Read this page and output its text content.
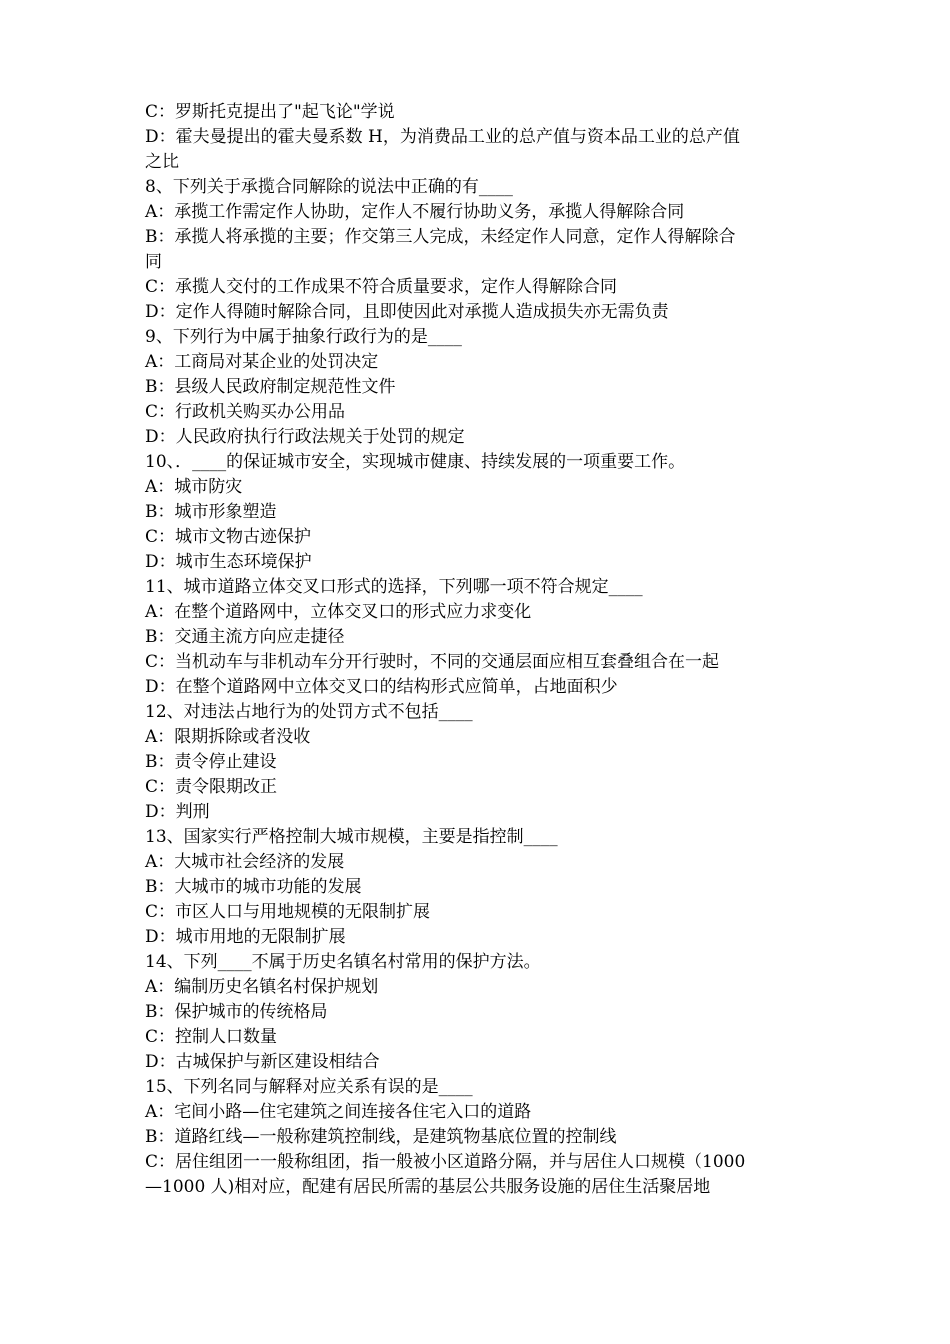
C：罗斯托克提出了"起飞论"学说
D：霍夫曼提出的霍夫曼系数 H，为消费品工业的总产值与资本品工业的总产值
之比
8、下列关于承揽合同解除的说法中正确的有____
A：承揽工作需定作人协助，定作人不履行协助义务，承揽人得解除合同
B：承揽人将承揽的主要；作交第三人完成，未经定作人同意，定作人得解除合
同
C：承揽人交付的工作成果不符合质量要求，定作人得解除合同
D：定作人得随时解除合同，且即使因此对承揽人造成损失亦无需负责
9、下列行为中属于抽象行政行为的是____
A：工商局对某企业的处罚决定
B：县级人民政府制定规范性文件
C：行政机关购买办公用品
D：人民政府执行行政法规关于处罚的规定
10、．____的保证城市安全，实现城市健康、持续发展的一项重要工作。
A：城市防灾
B：城市形象塑造
C：城市文物古迹保护
D：城市生态环境保护
11、城市道路立体交叉口形式的选择，下列哪一项不符合规定____
A：在整个道路网中，立体交叉口的形式应力求变化
B：交通主流方向应走捷径
C：当机动车与非机动车分开行驶时，不同的交通层面应相互套叠组合在一起
D：在整个道路网中立体交叉口的结构形式应简单，占地面积少
12、对违法占地行为的处罚方式不包括____
A：限期拆除或者没收
B：责令停止建设
C：责令限期改正
D：判刑
13、国家实行严格控制大城市规模，主要是指控制____
A：大城市社会经济的发展
B：大城市的城市功能的发展
C：市区人口与用地规模的无限制扩展
D：城市用地的无限制扩展
14、下列____不属于历史名镇名村常用的保护方法。
A：编制历史名镇名村保护规划
B：保护城市的传统格局
C：控制人口数量
D：古城保护与新区建设相结合
15、下列名同与解释对应关系有误的是____
A：宅间小路—住宅建筑之间连接各住宅入口的道路
B：道路红线—一般称建筑控制线，是建筑物基底位置的控制线
C：居住组团一一般称组团，指一般被小区道路分隔，并与居住人口规模（1000
—1000 人)相对应，配建有居民所需的基层公共服务设施的居住生活聚居地
